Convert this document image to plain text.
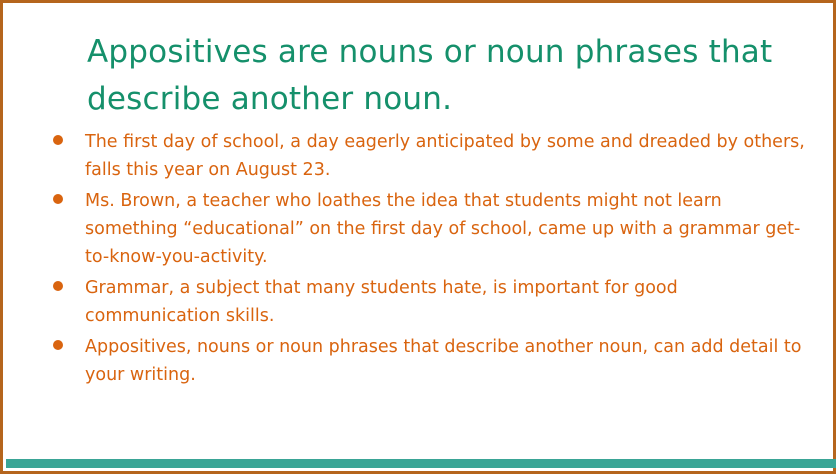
Appositives are nouns or noun phrases that describe another noun.
The first day of school, a day eagerly anticipated by some and dreaded by others, falls this year on August 23.
Ms. Brown, a teacher who loathes the idea that students might not learn something “educational” on the first day of school, came up with a grammar get-to-know-you-activity.
Grammar, a subject that many students hate, is important for good communication skills.
Appositives, nouns or noun phrases that describe another noun, can add detail to your writing.
